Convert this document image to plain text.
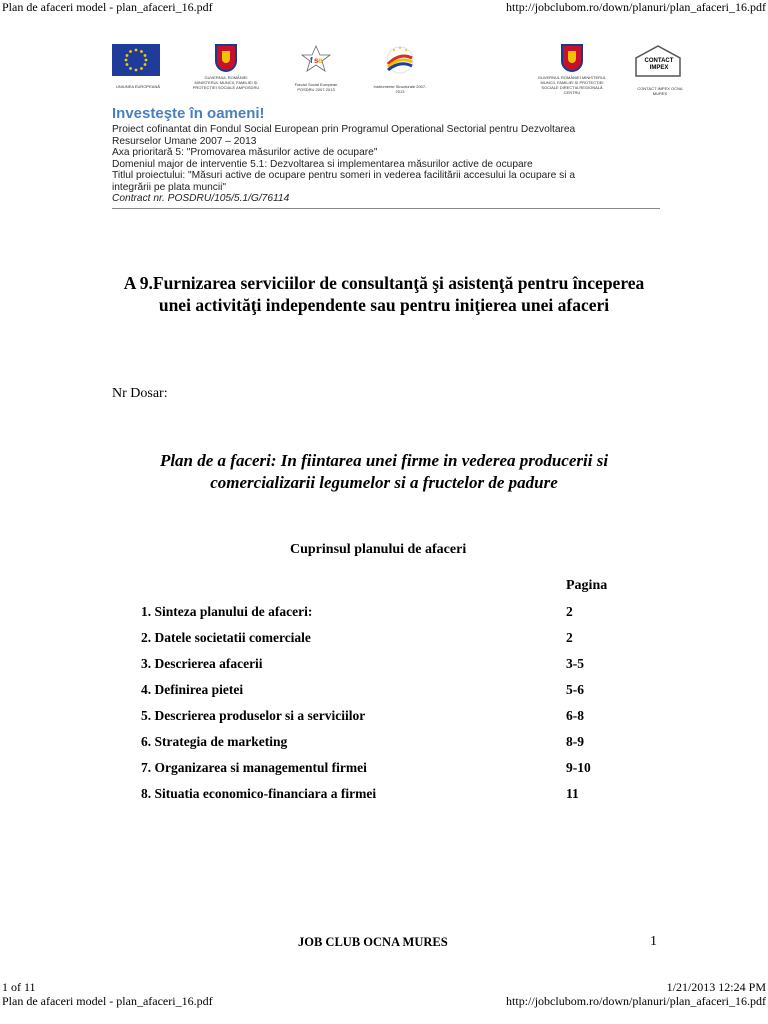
Plan de afaceri model - plan_afaceri_16.pdf	http://jobclubom.ro/down/planuri/plan_afaceri_16.pdf
UNIUNEA EUROPEANĂ
GUVERNUL ROMÂNIEI MINISTERUL MUNCII, FAMILIEI ȘI PROTECȚIEI SOCIALE AMPOSDRU
f s e
Fondul Social European POSDRU 2007-2013
Instrumente Structurale 2007-2013
GUVERNUL ROMÂNIEI MINISTERUL MUNCII, FAMILIEI ȘI PROTECȚIEI SOCIALE DIRECȚIA REGIONALĂ CENTRU
CONTACT IMPEX
CONTACT IMPEX OCNA MUREȘ
Investeşte în oameni!
Proiect cofinantat din Fondul Social European prin Programul Operational Sectorial pentru Dezvoltarea
Resurselor Umane 2007 – 2013
Axa prioritară 5: "Promovarea măsurilor active de ocupare"
Domeniul major de interventie 5.1: Dezvoltarea si implementarea măsurilor active de ocupare
Titlul proiectului: "Măsuri active de ocupare pentru someri in vederea facilitării accesului la ocupare si a
integrării pe plata muncii"
Contract nr. POSDRU/105/5.1/G/76114
A 9.Furnizarea serviciilor de consultanţă şi asistenţă pentru începerea
unei activităţi independente sau pentru iniţierea unei afaceri
Nr Dosar:
Plan de a faceri: In fiintarea unei firme in vederea producerii si
comercializarii legumelor si a fructelor de padure
Cuprinsul planului de afaceri
Pagina
1. Sinteza planului de afaceri:	2
2. Datele societatii comerciale	2
3. Descrierea afacerii	3-5
4. Definirea pietei	5-6
5. Descrierea produselor si a serviciilor	6-8
6. Strategia de marketing	8-9
7. Organizarea si managementul firmei	9-10
8. Situatia economico-financiara a firmei	11
JOB CLUB OCNA MURES	1
1 of 11	1/21/2013 12:24 PM
Plan de afaceri model - plan_afaceri_16.pdf	http://jobclubom.ro/down/planuri/plan_afaceri_16.pdf
